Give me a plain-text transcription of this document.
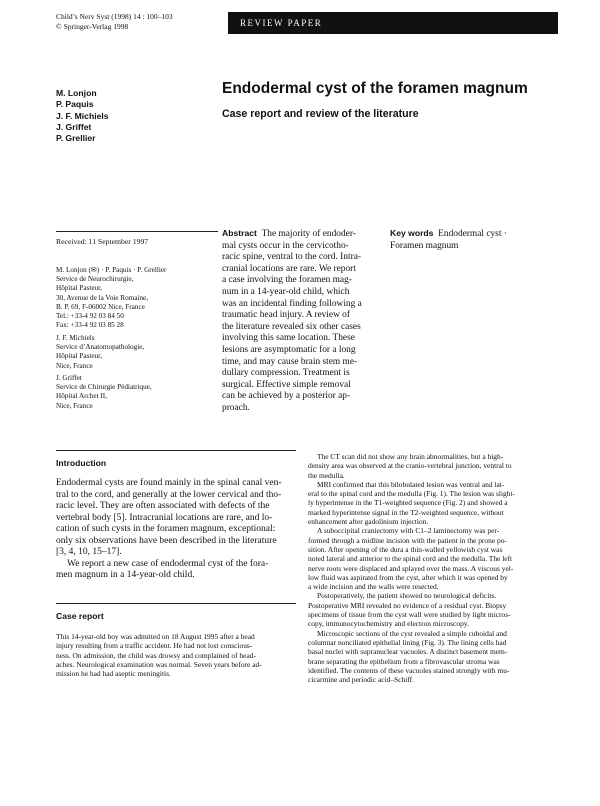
Child’s Nerv Syst (1998) 14 : 100–103
© Springer-Verlag 1998	REVIEW PAPER
M. Lonjon
P. Paquis
J. F. Michiels
J. Griffet
P. Grellier
Endodermal cyst of the foramen magnum
Case report and review of the literature
Received: 11 September 1997
M. Lonjon (✉) · P. Paquis · P. Grellier
Service de Neurochirurgie,
Hôpital Pasteur,
30, Avenue de la Voie Romaine,
B. P. 69, F-06002 Nice, France
Tel.: +33-4 92 03 84 50
Fax: +33-4 92 03 85 28
J. F. Michiels
Service d’Anatomopathologie,
Hôpital Pasteur,
Nice, France
J. Griffet
Service de Chirurgie Pédiatrique,
Hôpital Archet II,
Nice, France
Abstract The majority of endoder-
mal cysts occur in the cervicotho-
racic spine, ventral to the cord. Intra-
cranial locations are rare. We report
a case involving the foramen mag-
num in a 14-year-old child, which
was an incidental finding following a
traumatic head injury. A review of
the literature revealed six other cases
involving this same location. These
lesions are asymptomatic for a long
time, and may cause brain stem me-
dullary compression. Treatment is
surgical. Effective simple removal
can be achieved by a posterior ap-
proach.
Key words Endodermal cyst ·
Foramen magnum
Introduction
Endodermal cysts are found mainly in the spinal canal ven-
tral to the cord, and generally at the lower cervical and tho-
racic level. They are often associated with defects of the
vertebral body [5]. Intracranial locations are rare, and lo-
cation of such cysts in the foramen magnum, exceptional:
only six observations have been described in the literature
[3, 4, 10, 15–17].
We report a new case of endodermal cyst of the fora-
men magnum in a 14-year-old child.
Case report
This 14-year-old boy was admitted on 18 August 1995 after a head
injury resulting from a traffic accident. He had not lost conscious-
ness. On admission, the child was drowsy and complained of head-
aches. Neurological examination was normal. Seven years before ad-
mission he had had aseptic meningitis.
The CT scan did not show any brain abnormalities, but a high-
density area was observed at the cranio-vertebral junction, ventral to
the medulla.
MRI confirmed that this bilobulated lesion was ventral and lat-
eral to the spinal cord and the medulla (Fig. 1). The lesion was slight-
ly hyperintense in the T1-weighted sequence (Fig. 2) and showed a
marked hyperintense signal in the T2-weighted sequence, without
enhancement after gadolinium injection.
A suboccipital craniectomy with C1–2 laminectomy was per-
formed through a midline incision with the patient in the prone po-
sition. After opening of the dura a thin-walled yellowish cyst was
noted lateral and anterior to the spinal cord and the medulla. The left
nerve roots were displaced and splayed over the mass. A viscous yel-
low fluid was aspirated from the cyst, after which it was opened by
a wide incision and the walls were resected.
Postoperatively, the patient showed no neurological deficits.
Postoperative MRI revealed no evidence of a residual cyst. Biopsy
specimens of tissue from the cyst wall were studied by light micros-
copy, immunocytochemistry and electron microscopy.
Microscopic sections of the cyst revealed a simple cuboidal and
columnar nonciliated epithelial lining (Fig. 3). The lining cells had
basal nuclei with supranuclear vacuoles. A distinct basement mem-
brane separating the epithelium from a fibrovascular stroma was
identified. The contents of these vacuoles stained strongly with mu-
cicarmine and periodic acid–Schiff.
